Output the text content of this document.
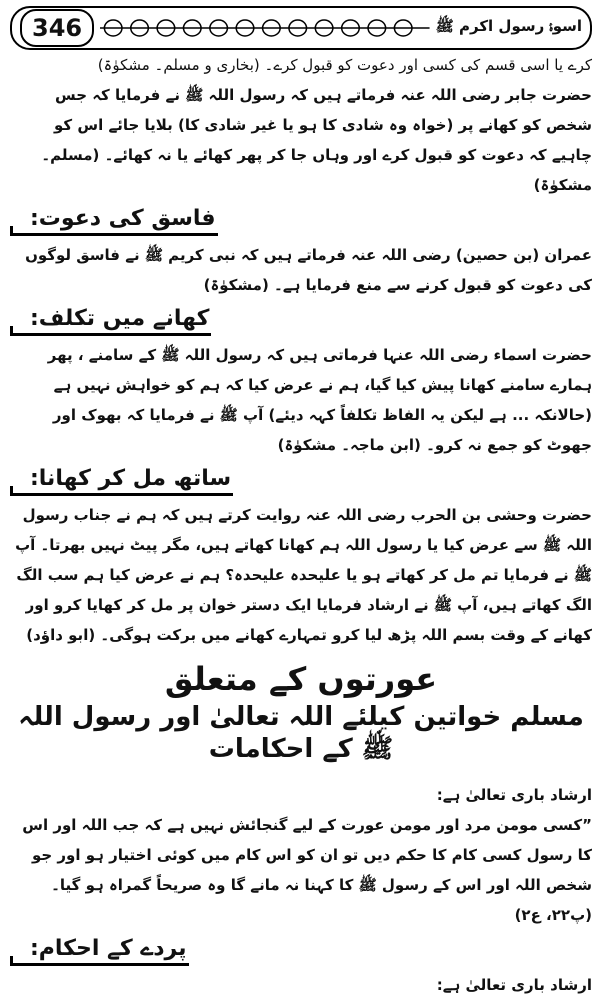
346	اسوۂ رسول اکرم ﷺ

کرے یا اسی قسم کی کسی اور دعوت کو قبول کرے۔ (بخاری و مسلم۔ مشکوٰۃ)

حضرت جابر رضی اللہ عنہ فرماتے ہیں کہ رسول اللہ ﷺ نے فرمایا کہ جس شخص کو کھانے پر (خواہ وہ شادی کا ہو یا غیر شادی کا) بلایا جائے اس کو چاہیے کہ دعوت کو قبول کرے اور وہاں جا کر پھر کھائے یا نہ کھائے۔ (مسلم۔ مشکوٰۃ)

فاسق کی دعوت:

عمران (بن حصین) رضی اللہ عنہ فرماتے ہیں کہ نبی کریم ﷺ نے فاسق لوگوں کی دعوت کو قبول کرنے سے منع فرمایا ہے۔ (مشکوٰۃ)

کھانے میں تکلف:

حضرت اسماء رضی اللہ عنہا فرماتی ہیں کہ رسول اللہ ﷺ کے سامنے ، پھر ہمارے سامنے کھانا پیش کیا گیا، ہم نے عرض کیا کہ ہم کو خواہش نہیں ہے (حالانکہ ... ہے لیکن یہ الفاظ تکلفاً کہہ دیئے) آپ ﷺ نے فرمایا کہ بھوک اور جھوٹ کو جمع نہ کرو۔ (ابن ماجہ۔ مشکوٰۃ)

ساتھ مل کر کھانا:

حضرت وحشی بن الحرب رضی اللہ عنہ روایت کرتے ہیں کہ ہم نے جناب رسول اللہ ﷺ سے عرض کیا یا رسول اللہ ہم کھانا کھاتے ہیں، مگر پیٹ نہیں بھرتا۔ آپ ﷺ نے فرمایا تم مل کر کھاتے ہو یا علیحدہ علیحدہ؟ ہم نے عرض کیا ہم سب الگ الگ کھاتے ہیں، آپ ﷺ نے ارشاد فرمایا ایک دستر خوان پر مل کر کھایا کرو اور کھانے کے وقت بسم اللہ پڑھ لیا کرو تمہارے کھانے میں برکت ہوگی۔ (ابو داؤد)

عورتوں کے متعلق
مسلم خواتین کیلئے اللہ تعالیٰ اور رسول اللہ ﷺ کے احکامات

ارشاد باری تعالیٰ ہے:

”کسی مومن مرد اور مومن عورت کے لیے گنجائش نہیں ہے کہ جب اللہ اور اس کا رسول کسی کام کا حکم دیں تو ان کو اس کام میں کوئی اختیار ہو اور جو شخص اللہ اور اس کے رسول ﷺ کا کہنا نہ مانے گا وہ صریحاً گمراہ ہو گیا۔ (پ۲۲، ع۲)

پردے کے احکام:

ارشاد باری تعالیٰ ہے:
